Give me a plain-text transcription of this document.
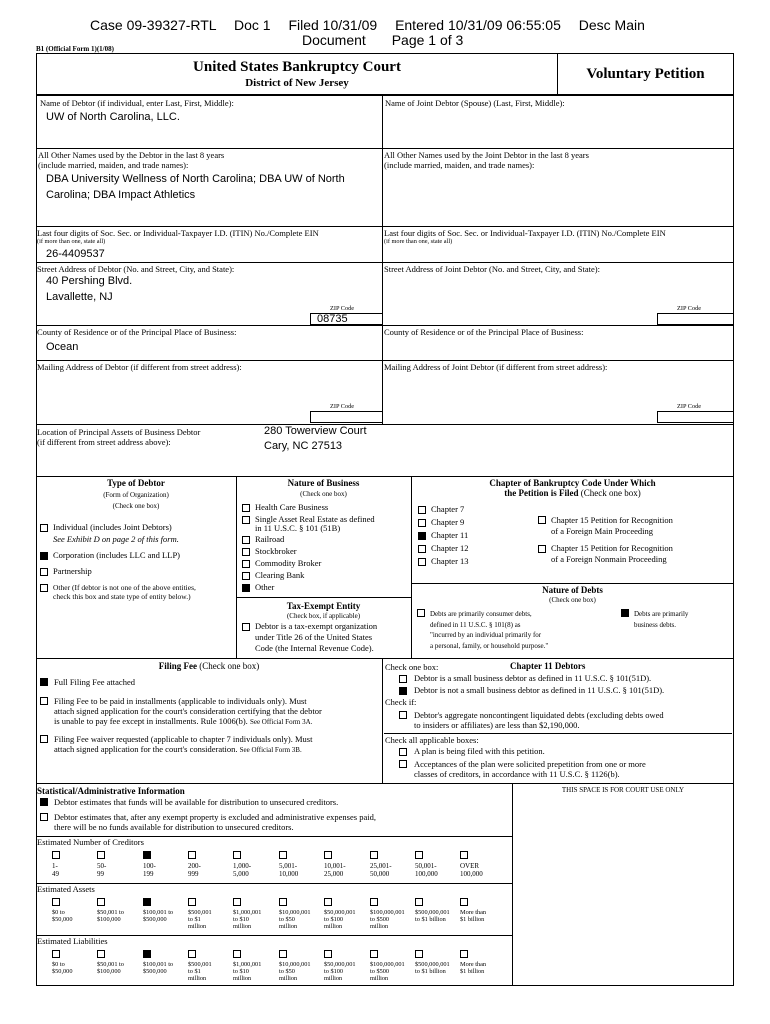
Case 09-39327-RTL Doc 1 Filed 10/31/09 Entered 10/31/09 06:55:05 Desc Main
Document Page 1 of 3
B1 (Official Form 1)(1/08)
United States Bankruptcy Court
District of New Jersey
Voluntary Petition
Name of Debtor (if individual, enter Last, First, Middle):
UW of North Carolina, LLC.
Name of Joint Debtor (Spouse) (Last, First, Middle):
All Other Names used by the Debtor in the last 8 years
(include married, maiden, and trade names):
DBA University Wellness of North Carolina; DBA UW of North
Carolina; DBA Impact Athletics
All Other Names used by the Joint Debtor in the last 8 years
(include married, maiden, and trade names):
Last four digits of Soc. Sec. or Individual-Taxpayer I.D. (ITIN) No./Complete EIN
(if more than one, state all)
26-4409537
Last four digits of Soc. Sec. or Individual-Taxpayer I.D. (ITIN) No./Complete EIN
(if more than one, state all)
Street Address of Debtor (No. and Street, City, and State):
40 Pershing Blvd.
Lavallette, NJ
ZIP Code
08735
Street Address of Joint Debtor (No. and Street, City, and State):
ZIP Code
County of Residence or of the Principal Place of Business:
Ocean
County of Residence or of the Principal Place of Business:
Mailing Address of Debtor (if different from street address):
ZIP Code
Mailing Address of Joint Debtor (if different from street address):
ZIP Code
Location of Principal Assets of Business Debtor
(if different from street address above):
280 Towerview Court
Cary, NC 27513
Type of Debtor
(Form of Organization)
(Check one box)
Individual (includes Joint Debtors)
Corporation (includes LLC and LLP)
Partnership
Other (If debtor is not one of the above entities,
See Exhibit D on page 2 of this form.
check this box and state type of entity below.)
Nature of Business
(Check one box)
Health Care Business
Single Asset Real Estate as defined
Railroad
Stockbroker
Commodity Broker
Clearing Bank
Other
in 11 U.S.C. § 101 (51B)
Tax-Exempt Entity
(Check box, if applicable)
Debtor is a tax-exempt organization
under Title 26 of the United States
Code (the Internal Revenue Code).
Chapter of Bankruptcy Code Under Which
the Petition is Filed (Check one box)
Chapter 7
Chapter 9
Chapter 11
Chapter 12
Chapter 13
Chapter 15 Petition for Recognition
of a Foreign Main Proceeding
Chapter 15 Petition for Recognition
of a Foreign Nonmain Proceeding
Nature of Debts
(Check one box)
Debts are primarily consumer debts,
defined in 11 U.S.C. § 101(8) as
"incurred by an individual primarily for
a personal, family, or household purpose."
Debts are primarily
business debts.
Filing Fee (Check one box)
Full Filing Fee attached
Filing Fee to be paid in installments (applicable to individuals only). Must
attach signed application for the court's consideration certifying that the debtor
is unable to pay fee except in installments. Rule 1006(b). See Official Form 3A.
Filing Fee waiver requested (applicable to chapter 7 individuals only). Must
attach signed application for the court's consideration. See Official Form 3B.
Check one box:	Chapter 11 Debtors
Debtor is a small business debtor as defined in 11 U.S.C. § 101(51D).
Debtor is not a small business debtor as defined in 11 U.S.C. § 101(51D).
Check if:
Debtor's aggregate noncontingent liquidated debts (excluding debts owed
to insiders or affiliates) are less than $2,190,000.
Check all applicable boxes:
A plan is being filed with this petition.
Acceptances of the plan were solicited prepetition from one or more
classes of creditors, in accordance with 11 U.S.C. § 1126(b).
Statistical/Administrative Information	THIS SPACE IS FOR COURT USE ONLY
Debtor estimates that funds will be available for distribution to unsecured creditors.
Debtor estimates that, after any exempt property is excluded and administrative expenses paid,
there will be no funds available for distribution to unsecured creditors.
Estimated Number of Creditors
Estimated Assets
Estimated Liabilities
1-
49
50-
99
100-
199
200-
999
1,000-
5,000
5,001-
10,000
10,001-
25,000
25,001-
50,000
50,001-
100,000
OVER
100,000
$0 to
$50,000
$50,001 to
$100,000
$100,001 to
$500,000
$500,001
to $1
million
$1,000,001
to $10
million
$10,000,001
to $50
million
$50,000,001
to $100
million
$100,000,001
to $500
million
$500,000,001
to $1 billion
More than
$1 billion
$0 to
$50,000
$50,001 to
$100,000
$100,001 to
$500,000
$500,001
to $1
million
$1,000,001
to $10
million
$10,000,001
to $50
million
$50,000,001
to $100
million
$100,000,001
to $500
million
$500,000,001
to $1 billion
More than
$1 billion
